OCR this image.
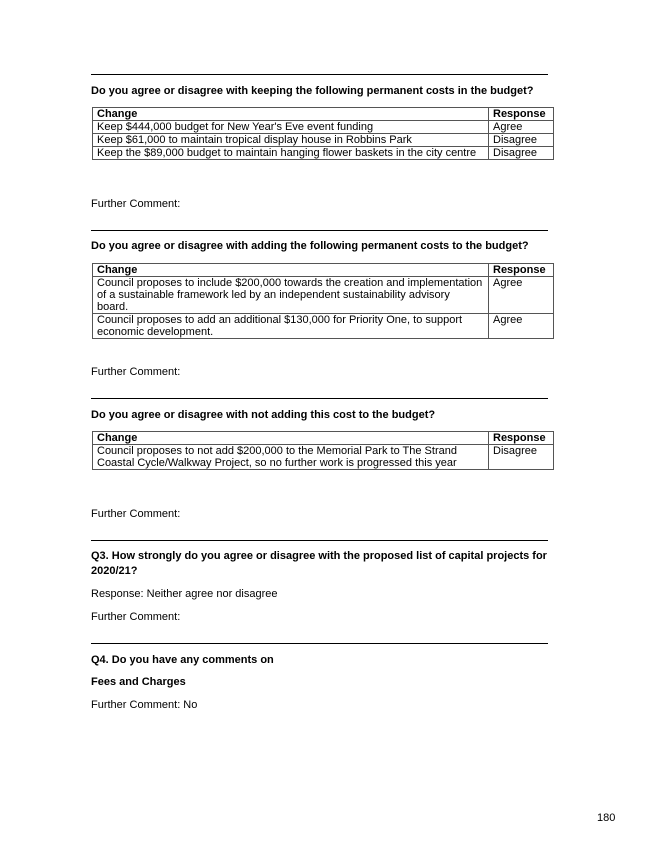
Do you agree or disagree with keeping the following permanent costs in the budget?
Change	Response
Keep $444,000 budget for New Year's Eve event funding	Agree
Keep $61,000 to maintain tropical display house in Robbins Park	Disagree
Keep the $89,000 budget to maintain hanging flower baskets in the city centre	Disagree
Further Comment:
Do you agree or disagree with adding the following permanent costs to the budget?
Change	Response
Council proposes to include $200,000 towards the creation and implementation of a sustainable framework led by an independent sustainability advisory board.	Agree
Council proposes to add an additional $130,000 for Priority One, to support economic development.	Agree
Further Comment:
Do you agree or disagree with not adding this cost to the budget?
Change	Response
Council proposes to not add $200,000 to the Memorial Park to The Strand Coastal Cycle/Walkway Project, so no further work is progressed this year	Disagree
Further Comment:
Q3. How strongly do you agree or disagree with the proposed list of capital projects for 2020/21?
Response: Neither agree nor disagree
Further Comment:
Q4. Do you have any comments on
Fees and Charges
Further Comment: No
180
